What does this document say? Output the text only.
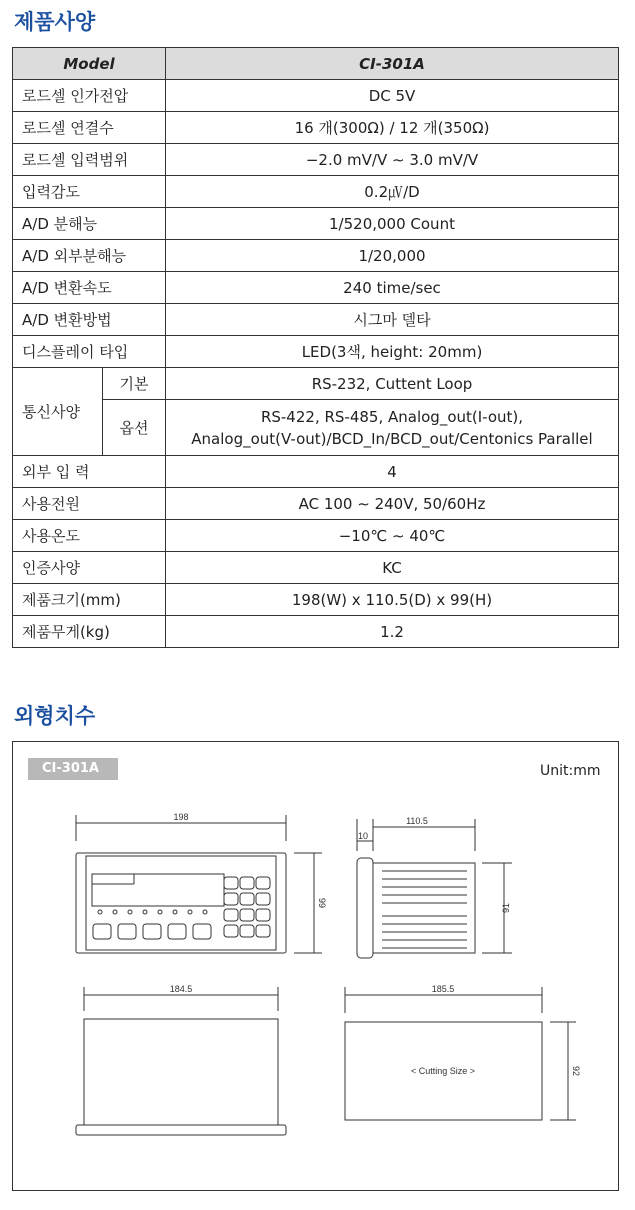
제품사양
Model		CI-301A
로드셀 인가전압		DC 5V
로드셀 연결수		16 개(300Ω) / 12 개(350Ω)
로드셀 입력범위		−2.0 mV/V ∼ 3.0 mV/V
입력감도		0.2㎶/D
A/D 분해능		1/520,000 Count
A/D 외부분해능		1/20,000
A/D 변환속도		240 time/sec
A/D 변환방법		시그마 델타
디스플레이 타입		LED(3색, height: 20mm)
통신사양	기본	RS-232, Cuttent Loop
	옵션	RS-422, RS-485, Analog_out(I-out),
Analog_out(V-out)/BCD_In/BCD_out/Centonics Parallel

외부 입 력		4
사용전원		AC 100 ∼ 240V, 50/60Hz
사용온도		−10℃ ∼ 40℃
인증사양		KC
제품크기(mm)		198(W) x 110.5(D) x 99(H)
제품무게(kg)		1.2
외형치수
CI-301A	Unit:mm
198
99
110.5
10
91
184.5	185.5
92
< Cutting Size >
